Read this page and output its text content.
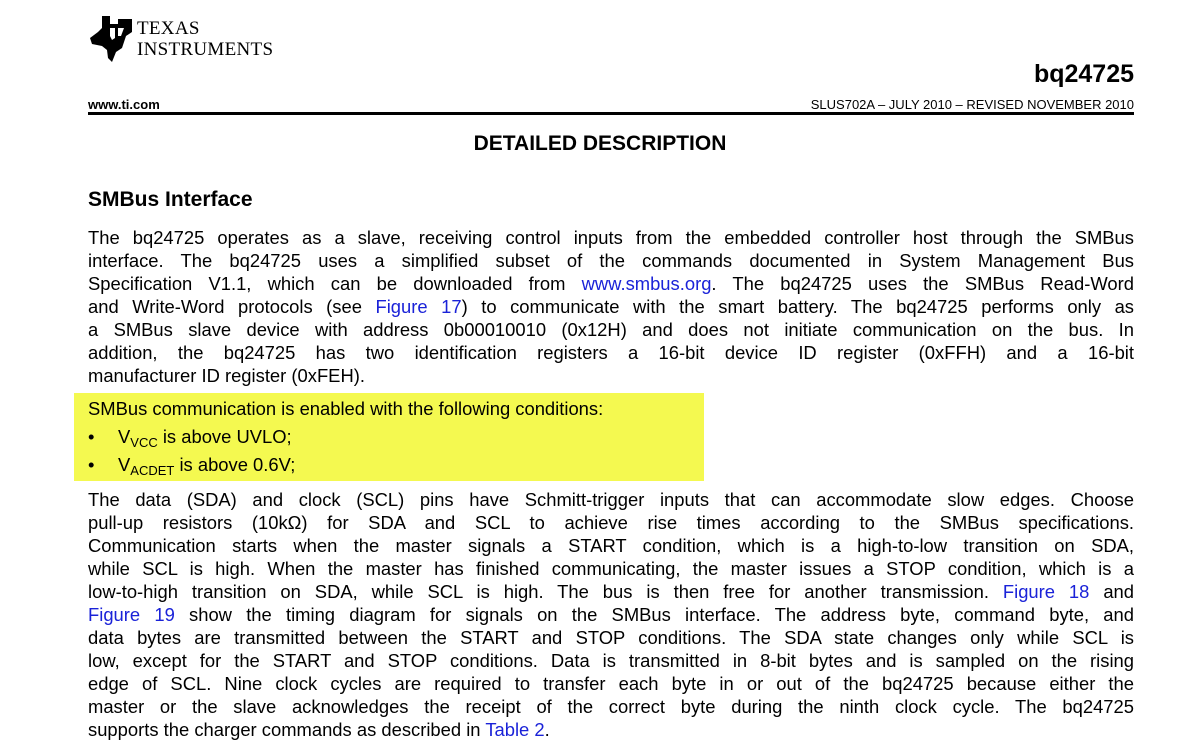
TEXAS
INSTRUMENTS
bq24725
www.ti.com	SLUS702A – JULY 2010 – REVISED NOVEMBER 2010
DETAILED DESCRIPTION
SMBus Interface
The bq24725 operates as a slave, receiving control inputs from the embedded controller host through the SMBus
interface. The bq24725 uses a simplified subset of the commands documented in System Management Bus
Specification V1.1, which can be downloaded from www.smbus.org. The bq24725 uses the SMBus Read-Word
and Write-Word protocols (see Figure 17) to communicate with the smart battery. The bq24725 performs only as
a SMBus slave device with address 0b00010010 (0x12H) and does not initiate communication on the bus. In
addition, the bq24725 has two identification registers a 16-bit device ID register (0xFFH) and a 16-bit
manufacturer ID register (0xFEH).
SMBus communication is enabled with the following conditions:
• $V_{VCC}$ is above UVLO;
• $V_{ACDET}$ is above 0.6V;
The data (SDA) and clock (SCL) pins have Schmitt-trigger inputs that can accommodate slow edges. Choose
pull-up resistors (10kΩ) for SDA and SCL to achieve rise times according to the SMBus specifications.
Communication starts when the master signals a START condition, which is a high-to-low transition on SDA,
while SCL is high. When the master has finished communicating, the master issues a STOP condition, which is a
low-to-high transition on SDA, while SCL is high. The bus is then free for another transmission. Figure 18 and
Figure 19 show the timing diagram for signals on the SMBus interface. The address byte, command byte, and
data bytes are transmitted between the START and STOP conditions. The SDA state changes only while SCL is
low, except for the START and STOP conditions. Data is transmitted in 8-bit bytes and is sampled on the rising
edge of SCL. Nine clock cycles are required to transfer each byte in or out of the bq24725 because either the
master or the slave acknowledges the receipt of the correct byte during the ninth clock cycle. The bq24725
supports the charger commands as described in Table 2.
